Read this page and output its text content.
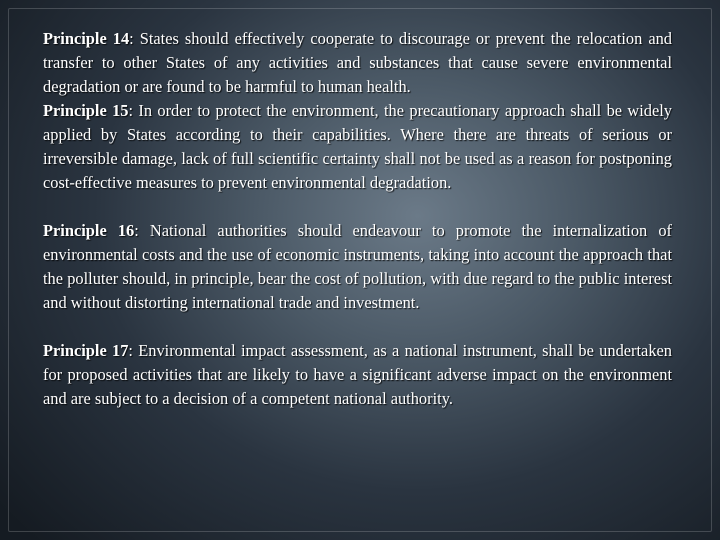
Principle 14: States should effectively cooperate to discourage or prevent the relocation and transfer to other States of any activities and substances that cause severe environmental degradation or are found to be harmful to human health.

Principle 15: In order to protect the environment, the precautionary approach shall be widely applied by States according to their capabilities. Where there are threats of serious or irreversible damage, lack of full scientific certainty shall not be used as a reason for postponing cost-effective measures to prevent environmental degradation.

Principle 16: National authorities should endeavour to promote the internalization of environmental costs and the use of economic instruments, taking into account the approach that the polluter should, in principle, bear the cost of pollution, with due regard to the public interest and without distorting international trade and investment.

Principle 17: Environmental impact assessment, as a national instrument, shall be undertaken for proposed activities that are likely to have a significant adverse impact on the environment and are subject to a decision of a competent national authority.
